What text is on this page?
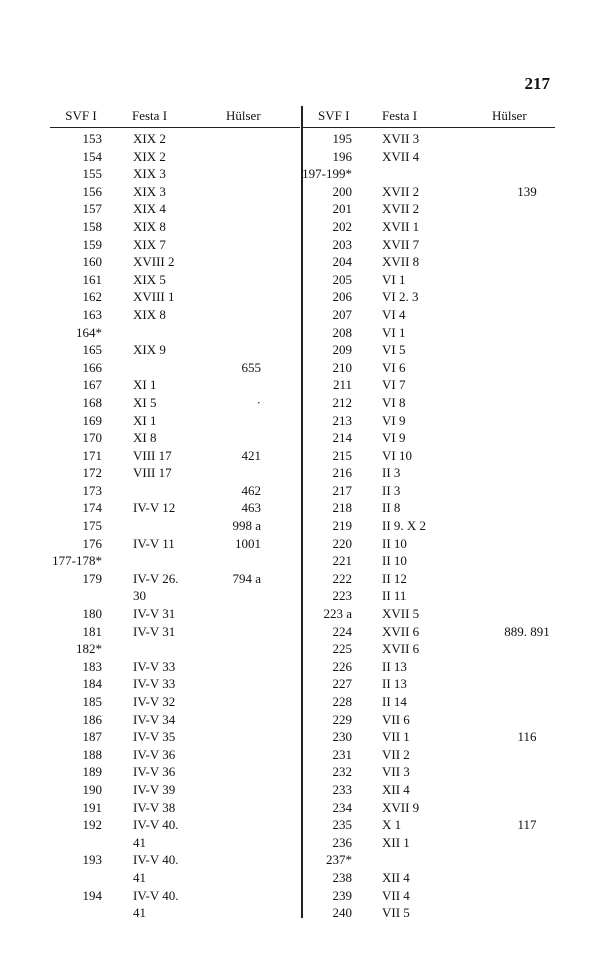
217
SVF I	Festa I	Hülser
153 XIX 2
154 XIX 2
155 XIX 3
156 XIX 3
157 XIX 4
158 XIX 8
159 XIX 7
160 XVIII 2
161 XIX 5
162 XVIII 1
163 XIX 8
164*
165 XIX 9
166	655
167 XI 1
168 XI 5	·
169 XI 1
170 XI 8
171 VIII 17	421
172 VIII 17
173	462
174 IV-V 12	463
175	998 a
176 IV-V 11	1001
177-178*
179 IV-V 26.	794 a
30
180 IV-V 31
181 IV-V 31
182*
183 IV-V 33
184 IV-V 33
185 IV-V 32
186 IV-V 34
187 IV-V 35
188 IV-V 36
189 IV-V 36
190 IV-V 39
191 IV-V 38
192 IV-V 40.
41
193 IV-V 40.
41
194 IV-V 40.
41
SVF I	Festa I	Hülser
195 XVII 3
196 XVII 4
197-199*
200 XVII 2	139
201 XVII 2
202 XVII 1
203 XVII 7
204 XVII 8
205 VI 1
206 VI 2. 3
207 VI 4
208 VI 1
209 VI 5
210 VI 6
211 VI 7
212 VI 8
213 VI 9
214 VI 9
215 VI 10
216 II 3
217 II 3
218 II 8
219 II 9. X 2
220 II 10
221 II 10
222 II 12
223 II 11
223 a XVII 5
224 XVII 6	889. 891
225 XVII 6
226 II 13
227 II 13
228 II 14
229 VII 6
230 VII 1	116
231 VII 2
232 VII 3
233 XII 4
234 XVII 9
235 X 1	117
236 XII 1
237*
238 XII 4
239 VII 4
240 VII 5
